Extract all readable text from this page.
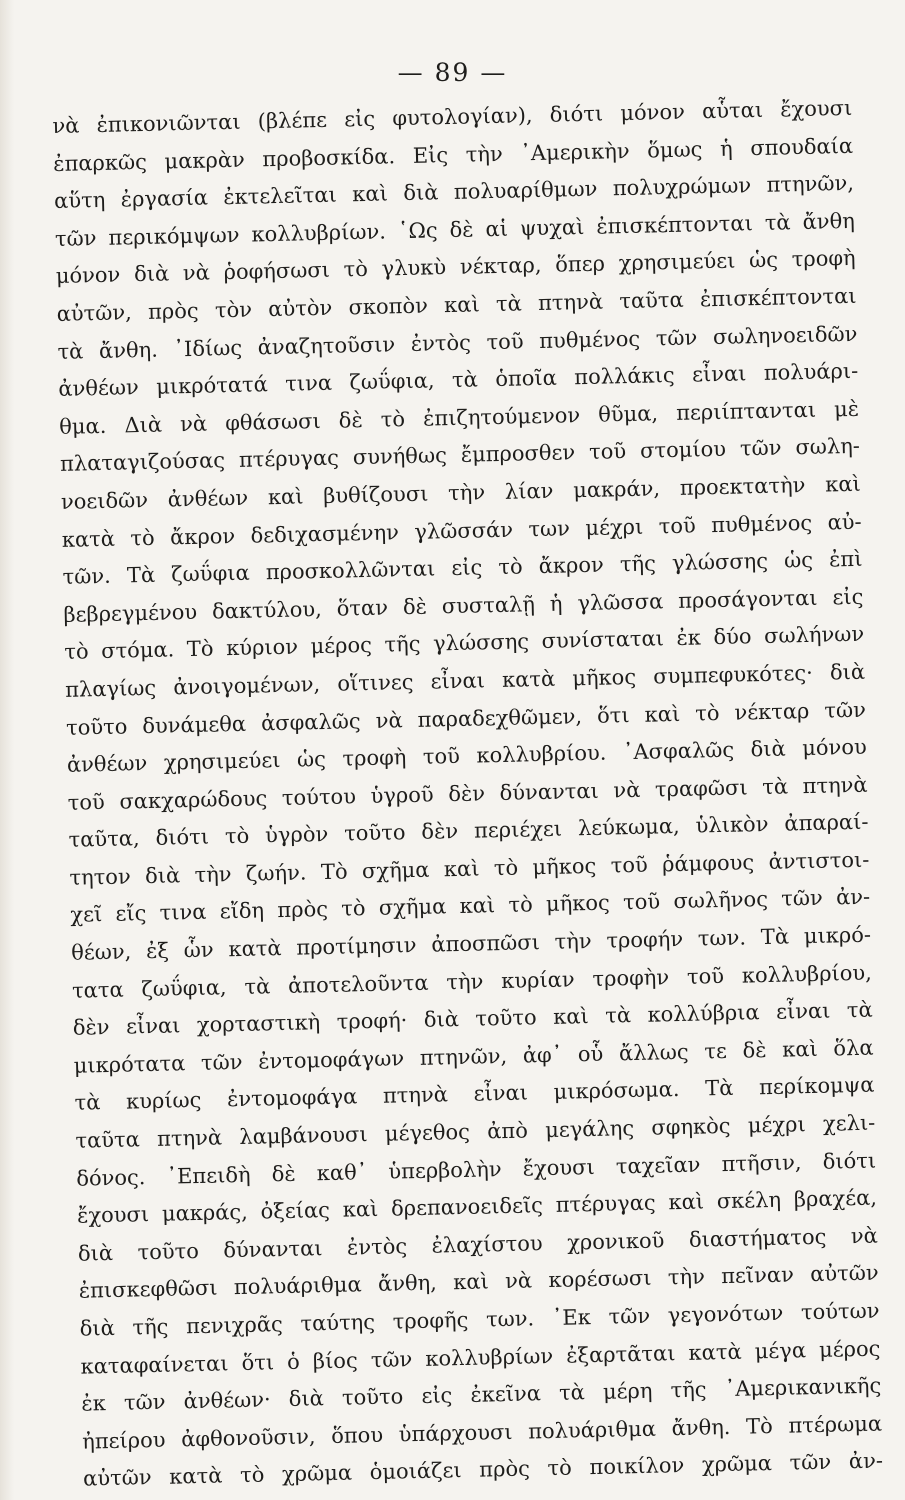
— 89 —
νὰ ἐπικονιῶνται (βλέπε εἰς φυτολογίαν), διότι μόνον αὗται ἔχουσι
ἐπαρκῶς μακρὰν προβοσκίδα. Εἰς τὴν ᾿Αμερικὴν ὅμως ἡ σπουδαία
αὕτη ἐργασία ἐκτελεῖται καὶ διὰ πολυαρίθμων πολυχρώμων πτηνῶν,
τῶν περικόμψων κολλυβρίων. ῾Ως δὲ αἱ ψυχαὶ ἐπισκέπτονται τὰ ἄνθη
μόνον διὰ νὰ ῥοφήσωσι τὸ γλυκὺ νέκταρ, ὅπερ χρησιμεύει ὡς τροφὴ
αὐτῶν, πρὸς τὸν αὐτὸν σκοπὸν καὶ τὰ πτηνὰ ταῦτα ἐπισκέπτονται
τὰ ἄνθη. ᾿Ιδίως ἀναζητοῦσιν ἐντὸς τοῦ πυθμένος τῶν σωληνοειδῶν
ἀνθέων μικρότατά τινα ζωΰφια, τὰ ὁποῖα πολλάκις εἶναι πολυάρι-
θμα. Διὰ νὰ φθάσωσι δὲ τὸ ἐπιζητούμενον θῦμα, περιίπτανται μὲ
πλαταγιζούσας πτέρυγας συνήθως ἔμπροσθεν τοῦ στομίου τῶν σωλη-
νοειδῶν ἀνθέων καὶ βυθίζουσι τὴν λίαν μακράν, προεκτατὴν καὶ
κατὰ τὸ ἄκρον δεδιχασμένην γλῶσσάν των μέχρι τοῦ πυθμένος αὐ-
τῶν. Τὰ ζωΰφια προσκολλῶνται εἰς τὸ ἄκρον τῆς γλώσσης ὡς ἐπὶ
βεβρεγμένου δακτύλου, ὅταν δὲ συσταλῇ ἡ γλῶσσα προσάγονται εἰς
τὸ στόμα. Τὸ κύριον μέρος τῆς γλώσσης συνίσταται ἐκ δύο σωλήνων
πλαγίως ἀνοιγομένων, οἵτινες εἶναι κατὰ μῆκος συμπεφυκότες· διὰ
τοῦτο δυνάμεθα ἀσφαλῶς νὰ παραδεχθῶμεν, ὅτι καὶ τὸ νέκταρ τῶν
ἀνθέων χρησιμεύει ὡς τροφὴ τοῦ κολλυβρίου. ᾿Ασφαλῶς διὰ μόνου
τοῦ σακχαρώδους τούτου ὑγροῦ δὲν δύνανται νὰ τραφῶσι τὰ πτηνὰ
ταῦτα, διότι τὸ ὑγρὸν τοῦτο δὲν περιέχει λεύκωμα, ὑλικὸν ἀπαραί-
τητον διὰ τὴν ζωήν. Τὸ σχῆμα καὶ τὸ μῆκος τοῦ ῥάμφους ἀντιστοι-
χεῖ εἴς τινα εἴδη πρὸς τὸ σχῆμα καὶ τὸ μῆκος τοῦ σωλῆνος τῶν ἀν-
θέων, ἐξ ὧν κατὰ προτίμησιν ἀποσπῶσι τὴν τροφήν των. Τὰ μικρό-
τατα ζωΰφια, τὰ ἀποτελοῦντα τὴν κυρίαν τροφὴν τοῦ κολλυβρίου,
δὲν εἶναι χορταστικὴ τροφή· διὰ τοῦτο καὶ τὰ κολλύβρια εἶναι τὰ
μικρότατα τῶν ἐντομοφάγων πτηνῶν, ἀφ᾿ οὗ ἄλλως τε δὲ καὶ ὅλα
τὰ κυρίως ἐντομοφάγα πτηνὰ εἶναι μικρόσωμα. Τὰ περίκομψα
ταῦτα πτηνὰ λαμβάνουσι μέγεθος ἀπὸ μεγάλης σφηκὸς μέχρι χελι-
δόνος. ᾿Επειδὴ δὲ καθ᾿ ὑπερβολὴν ἔχουσι ταχεῖαν πτῆσιν, διότι
ἔχουσι μακράς, ὀξείας καὶ δρεπανοειδεῖς πτέρυγας καὶ σκέλη βραχέα,
διὰ τοῦτο δύνανται ἐντὸς ἐλαχίστου χρονικοῦ διαστήματος νὰ
ἐπισκεφθῶσι πολυάριθμα ἄνθη, καὶ νὰ κορέσωσι τὴν πεῖναν αὐτῶν
διὰ τῆς πενιχρᾶς ταύτης τροφῆς των. ᾿Εκ τῶν γεγονότων τούτων
καταφαίνεται ὅτι ὁ βίος τῶν κολλυβρίων ἐξαρτᾶται κατὰ μέγα μέρος
ἐκ τῶν ἀνθέων· διὰ τοῦτο εἰς ἐκεῖνα τὰ μέρη τῆς ᾿Αμερικανικῆς
ἠπείρου ἀφθονοῦσιν, ὅπου ὑπάρχουσι πολυάριθμα ἄνθη. Τὸ πτέρωμα
αὐτῶν κατὰ τὸ χρῶμα ὁμοιάζει πρὸς τὸ ποικίλον χρῶμα τῶν ἀν-
